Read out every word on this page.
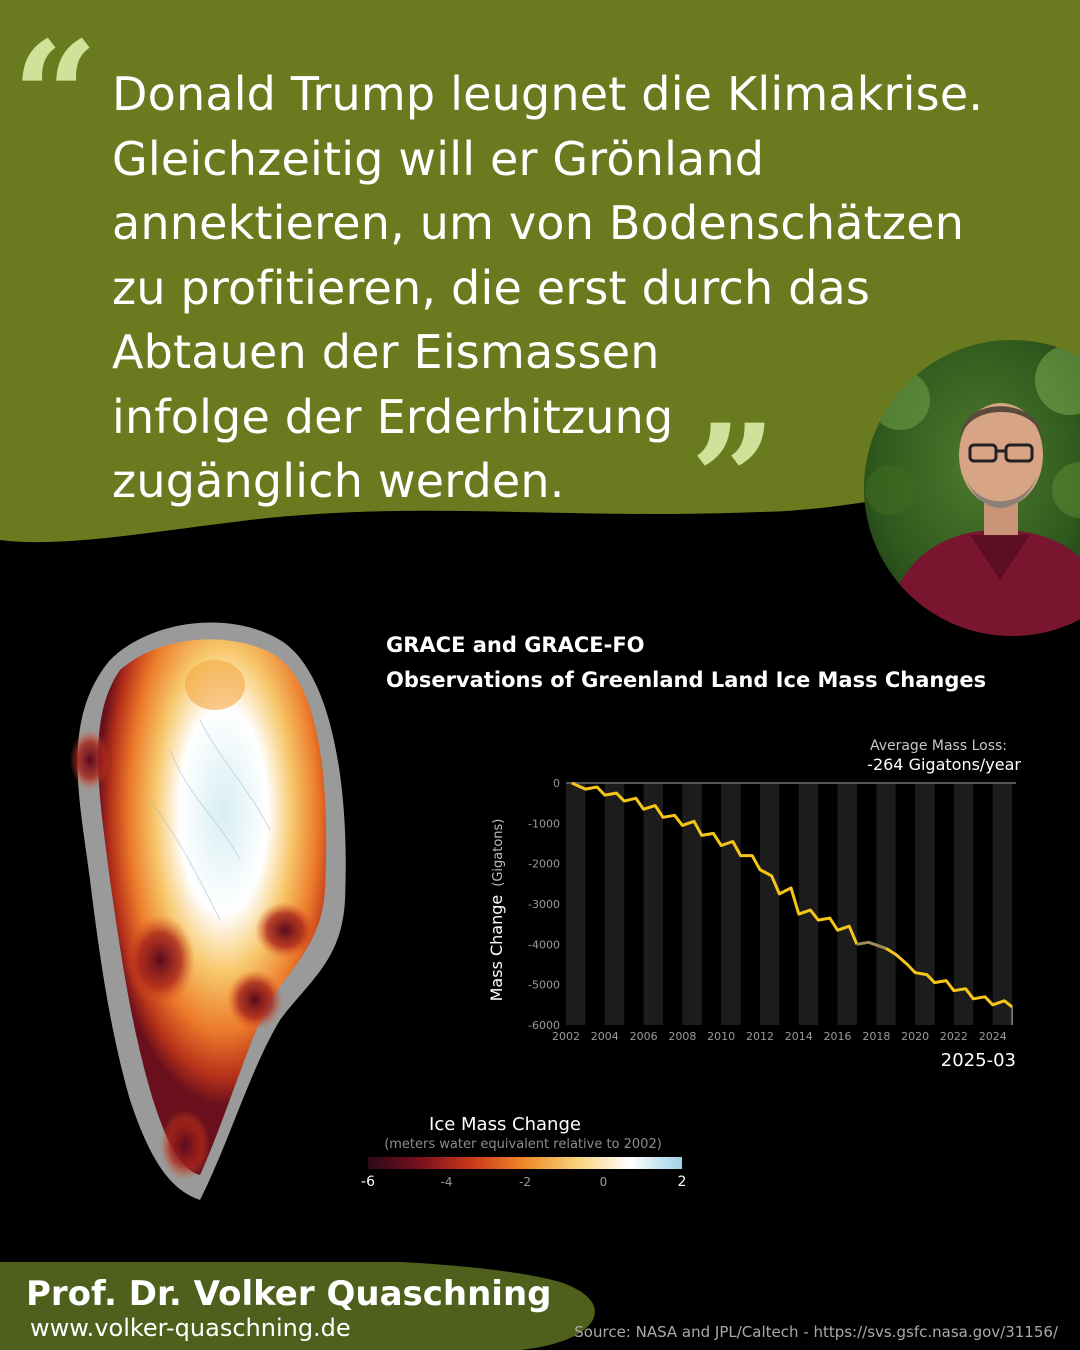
“
”
Donald Trump leugnet die Klimakrise.
Gleichzeitig will er Grönland
annektieren, um von Bodenschätzen
zu profitieren, die erst durch das
Abtauen der Eismassen
infolge der Erderhitzung
zugänglich werden.
GRACE and GRACE-FO
Observations of Greenland Land Ice Mass Changes
Average Mass Loss:
-264 Gigatons/year
Mass Change(Gigatons)
0
-1000
-2000
-3000
-4000
-5000
-6000
2002 2004 2006 2008 2010 2012 2014 2016 2018 2020 2022 2024
2025-03
Ice Mass Change
(meters water equivalent relative to 2002)
-6	-4	-2	0	2
Prof. Dr. Volker Quaschning
www.volker-quaschning.de	Source: NASA and JPL/Caltech - https://svs.gsfc.nasa.gov/31156/
